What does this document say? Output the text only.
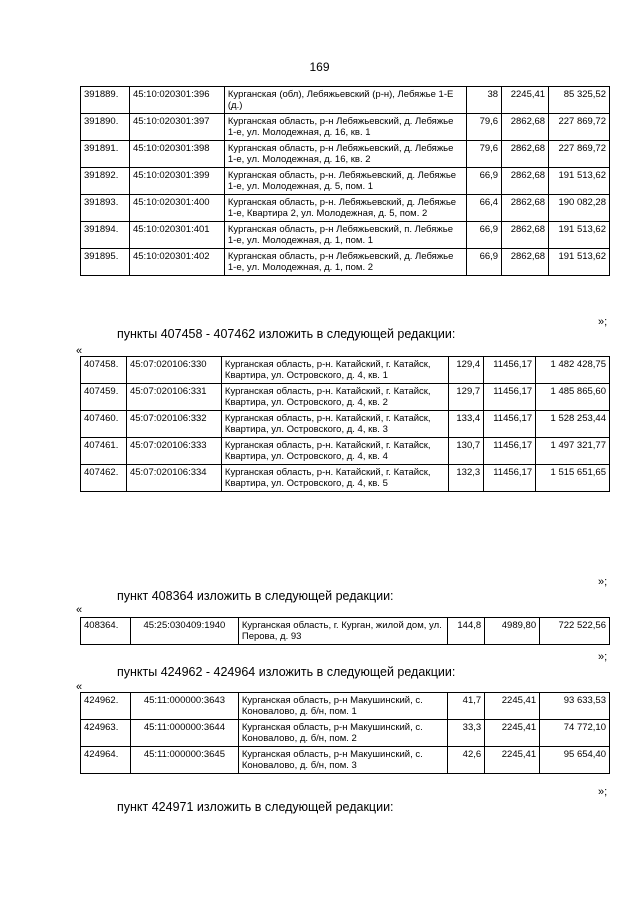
169
391889.	45:10:020301:396	Курганская (обл), Лебяжьевский (р-н), Лебяжье 1-Е (д.)	38	2245,41	85 325,52
391890.	45:10:020301:397	Курганская область, р-н Лебяжьевский, д. Лебяжье 1-е, ул. Молодежная, д. 16, кв. 1	79,6	2862,68	227 869,72
391891.	45:10:020301:398	Курганская область, р-н Лебяжьевский, д. Лебяжье 1-е, ул. Молодежная, д. 16, кв. 2	79,6	2862,68	227 869,72
391892.	45:10:020301:399	Курганская область, р-н. Лебяжьевский, д. Лебяжье 1-е, ул. Молодежная, д. 5, пом. 1	66,9	2862,68	191 513,62
391893.	45:10:020301:400	Курганская область, р-н. Лебяжьевский, д. Лебяжье 1-е, Квартира 2, ул. Молодежная, д. 5, пом. 2	66,4	2862,68	190 082,28
391894.	45:10:020301:401	Курганская область, р-н Лебяжьевский, п. Лебяжье 1-е, ул. Молодежная, д. 1, пом. 1	66,9	2862,68	191 513,62
391895.	45:10:020301:402	Курганская область, р-н Лебяжьевский, д. Лебяжье 1-е, ул. Молодежная, д. 1, пом. 2	66,9	2862,68	191 513,62
»;
пункты 407458 - 407462 изложить в следующей редакции:
«
407458.	45:07:020106:330	Курганская область, р-н. Катайский, г. Катайск, Квартира, ул. Островского, д. 4, кв. 1	129,4	11456,17	1 482 428,75
407459.	45:07:020106:331	Курганская область, р-н. Катайский, г. Катайск, Квартира, ул. Островского, д. 4, кв. 2	129,7	11456,17	1 485 865,60
407460.	45:07:020106:332	Курганская область, р-н. Катайский, г. Катайск, Квартира, ул. Островского, д. 4, кв. 3	133,4	11456,17	1 528 253,44
407461.	45:07:020106:333	Курганская область, р-н. Катайский, г. Катайск, Квартира, ул. Островского, д. 4, кв. 4	130,7	11456,17	1 497 321,77
407462.	45:07:020106:334	Курганская область, р-н. Катайский, г. Катайск, Квартира, ул. Островского, д. 4, кв. 5	132,3	11456,17	1 515 651,65
»;
пункт 408364 изложить в следующей редакции:
«
408364.	45:25:030409:1940	Курганская область, г. Курган, жилой дом, ул. Перова, д. 93	144,8	4989,80	722 522,56
»;
пункты 424962 - 424964 изложить в следующей редакции:
«
424962.	45:11:000000:3643	Курганская область, р-н Макушинский, с. Коновалово, д. б/н, пом. 1	41,7	2245,41	93 633,53
424963.	45:11:000000:3644	Курганская область, р-н Макушинский, с. Коновалово, д. б/н, пом. 2	33,3	2245,41	74 772,10
424964.	45:11:000000:3645	Курганская область, р-н Макушинский, с. Коновалово, д. б/н, пом. 3	42,6	2245,41	95 654,40
»;
пункт 424971 изложить в следующей редакции:
